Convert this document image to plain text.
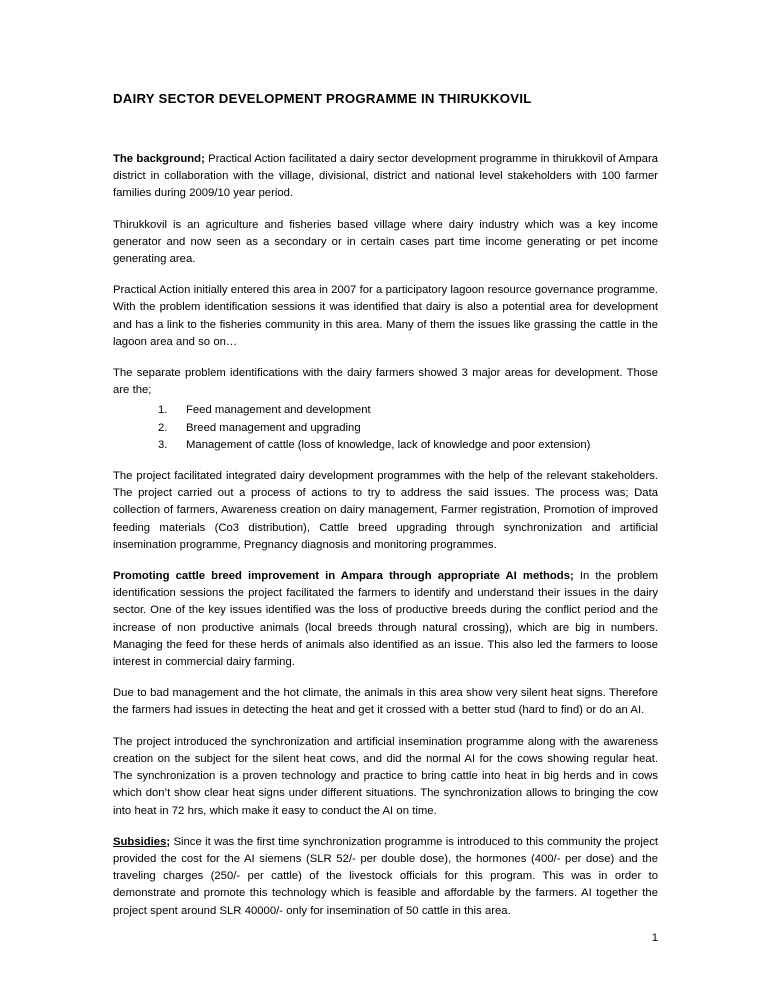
DAIRY SECTOR DEVELOPMENT PROGRAMME IN THIRUKKOVIL

The background; Practical Action facilitated a dairy sector development programme in thirukkovil of Ampara district in collaboration with the village, divisional, district and national level stakeholders with 100 farmer families during 2009/10 year period.

Thirukkovil is an agriculture and fisheries based village where dairy industry which was a key income generator and now seen as a secondary or in certain cases part time income generating or pet income generating area.

Practical Action initially entered this area in 2007 for a participatory lagoon resource governance programme. With the problem identification sessions it was identified that dairy is also a potential area for development and has a link to the fisheries community in this area. Many of them the issues like grassing the cattle in the lagoon area and so on…

The separate problem identifications with the dairy farmers showed 3 major areas for development. Those are the;

1.	Feed management and development
2.	Breed management and upgrading
3.	Management of cattle (loss of knowledge, lack of knowledge and poor extension)

The project facilitated integrated dairy development programmes with the help of the relevant stakeholders. The project carried out a process of actions to try to address the said issues. The process was; Data collection of farmers, Awareness creation on dairy management, Farmer registration, Promotion of improved feeding materials (Co3 distribution), Cattle breed upgrading through synchronization and artificial insemination programme, Pregnancy diagnosis and monitoring programmes.

Promoting cattle breed improvement in Ampara through appropriate AI methods; In the problem identification sessions the project facilitated the farmers to identify and understand their issues in the dairy sector. One of the key issues identified was the loss of productive breeds during the conflict period and the increase of non productive animals (local breeds through natural crossing), which are big in numbers. Managing the feed for these herds of animals also identified as an issue. This also led the farmers to loose interest in commercial dairy farming.

Due to bad management and the hot climate, the animals in this area show very silent heat signs. Therefore the farmers had issues in detecting the heat and get it crossed with a better stud (hard to find) or do an AI.

The project introduced the synchronization and artificial insemination programme along with the awareness creation on the subject for the silent heat cows, and did the normal AI for the cows showing regular heat. The synchronization is a proven technology and practice to bring cattle into heat in big herds and in cows which don’t show clear heat signs under different situations. The synchronization allows to bringing the cow into heat in 72 hrs, which make it easy to conduct the AI on time.

Subsidies; Since it was the first time synchronization programme is introduced to this community the project provided the cost for the AI siemens (SLR 52/- per double dose), the hormones (400/- per dose) and the traveling charges (250/- per cattle) of the livestock officials for this program. This was in order to demonstrate and promote this technology which is feasible and affordable by the farmers. AI together the project spent around SLR 40000/- only for insemination of 50 cattle in this area.

1
